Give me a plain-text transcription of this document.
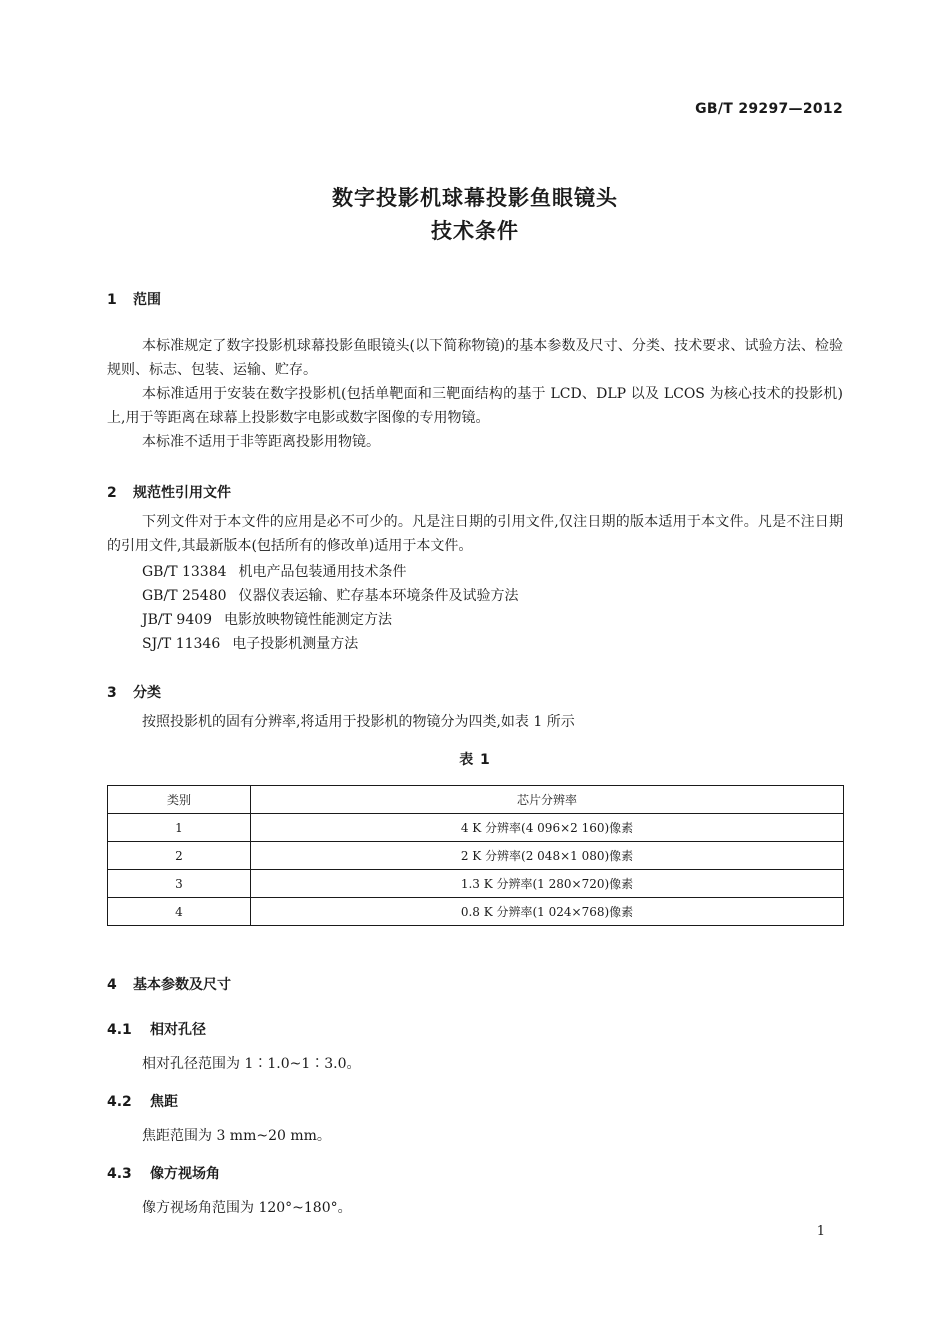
GB/T 29297—2012
数字投影机球幕投影鱼眼镜头
技术条件
1 范围
本标准规定了数字投影机球幕投影鱼眼镜头(以下简称物镜)的基本参数及尺寸、分类、技术要求、试验方法、检验规则、标志、包装、运输、贮存。
本标准适用于安装在数字投影机(包括单靶面和三靶面结构的基于 LCD、DLP 以及 LCOS 为核心技术的投影机)上,用于等距离在球幕上投影数字电影或数字图像的专用物镜。
本标准不适用于非等距离投影用物镜。
2 规范性引用文件
下列文件对于本文件的应用是必不可少的。凡是注日期的引用文件,仅注日期的版本适用于本文件。凡是不注日期的引用文件,其最新版本(包括所有的修改单)适用于本文件。
GB/T 13384 机电产品包装通用技术条件
GB/T 25480 仪器仪表运输、贮存基本环境条件及试验方法
JB/T 9409 电影放映物镜性能测定方法
SJ/T 11346 电子投影机测量方法
3 分类
按照投影机的固有分辨率,将适用于投影机的物镜分为四类,如表 1 所示
表 1
类别	芯片分辨率
1	4 K 分辨率(4 096×2 160)像素
2	2 K 分辨率(2 048×1 080)像素
3	1.3 K 分辨率(1 280×720)像素
4	0.8 K 分辨率(1 024×768)像素
4 基本参数及尺寸
4.1 相对孔径
相对孔径范围为 1∶1.0~1∶3.0。
4.2 焦距
焦距范围为 3 mm~20 mm。
4.3 像方视场角
像方视场角范围为 120°~180°。
1
